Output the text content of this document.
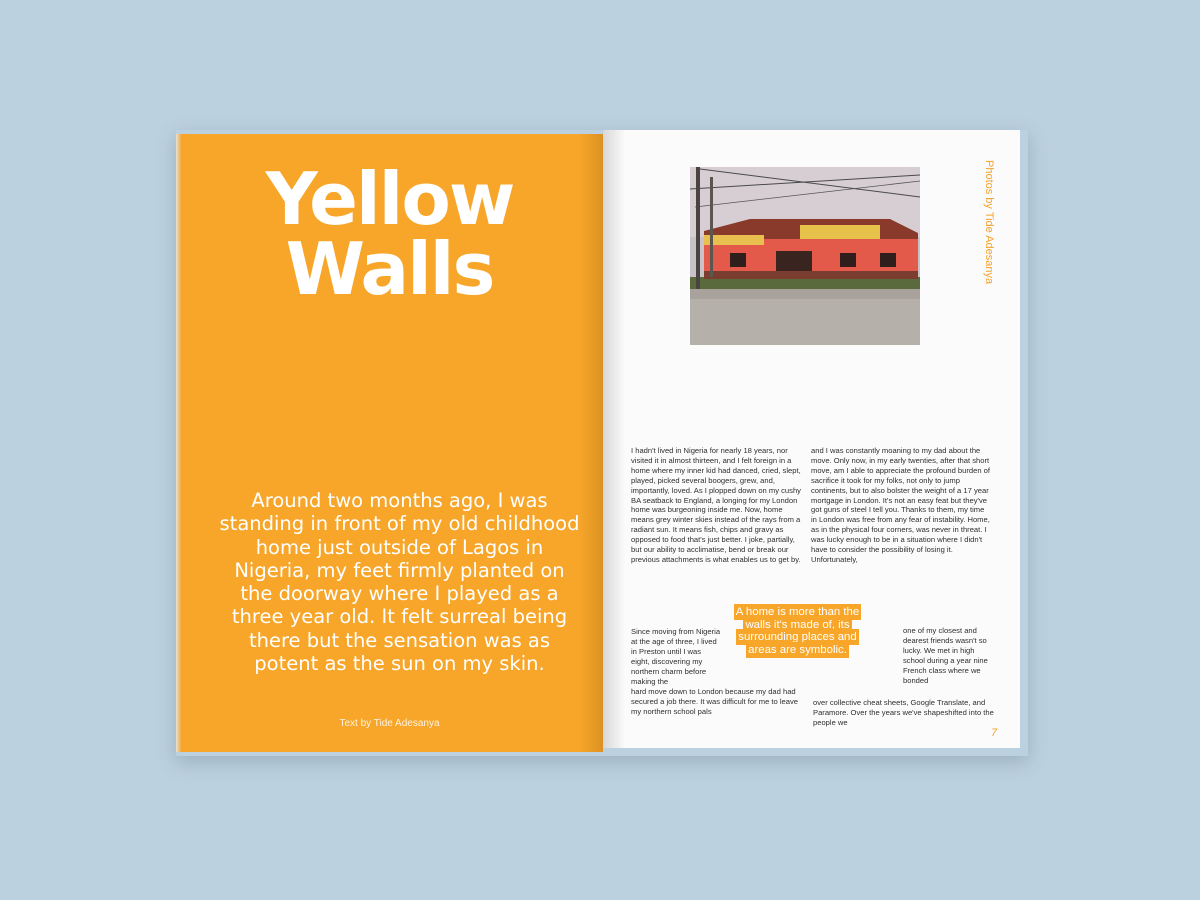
Yellow
Walls
Around two months ago, I was standing in front of my old childhood home just outside of Lagos in Nigeria, my feet firmly planted on the doorway where I played as a three year old. It felt surreal being there but the sensation was as potent as the sun on my skin.
Text by Tide Adesanya
Photos by Tide Adesanya

I hadn't lived in Nigeria for nearly 18 years, nor visited it in almost thirteen, and I felt foreign in a home where my inner kid had danced, cried, slept, played, picked several boogers, grew, and, importantly, loved. As I plopped down on my cushy BA seatback to England, a longing for my London home was burgeoning inside me. Now, home means grey winter skies instead of the rays from a radiant sun. It means fish, chips and gravy as opposed to food that's just better. I joke, partially, but our ability to acclimatise, bend or break our previous attachments is what enables us to get by.

and I was constantly moaning to my dad about the move. Only now, in my early twenties, after that short move, am I able to appreciate the profound burden of sacrifice it took for my folks, not only to jump continents, but to also bolster the weight of a 17 year mortgage in London. It's not an easy feat but they've got guns of steel I tell you. Thanks to them, my time in London was free from any fear of instability. Home, as in the physical four corners, was never in threat. I was lucky enough to be in a situation where I didn't have to consider the possibility of losing it. Unfortunately,

Since moving from Nigeria at the age of three, I lived in Preston until I was eight, discovering my northern charm before making the

hard move down to London because my dad had secured a job there. It was difficult for me to leave my northern school pals

one of my closest and dearest friends wasn't so lucky. We met in high school during a year nine French class where we bonded

over collective cheat sheets, Google Translate, and Paramore. Over the years we've shapeshifted into the people we

A home is more than the walls it's made of, its surrounding places and areas are symbolic.
7
